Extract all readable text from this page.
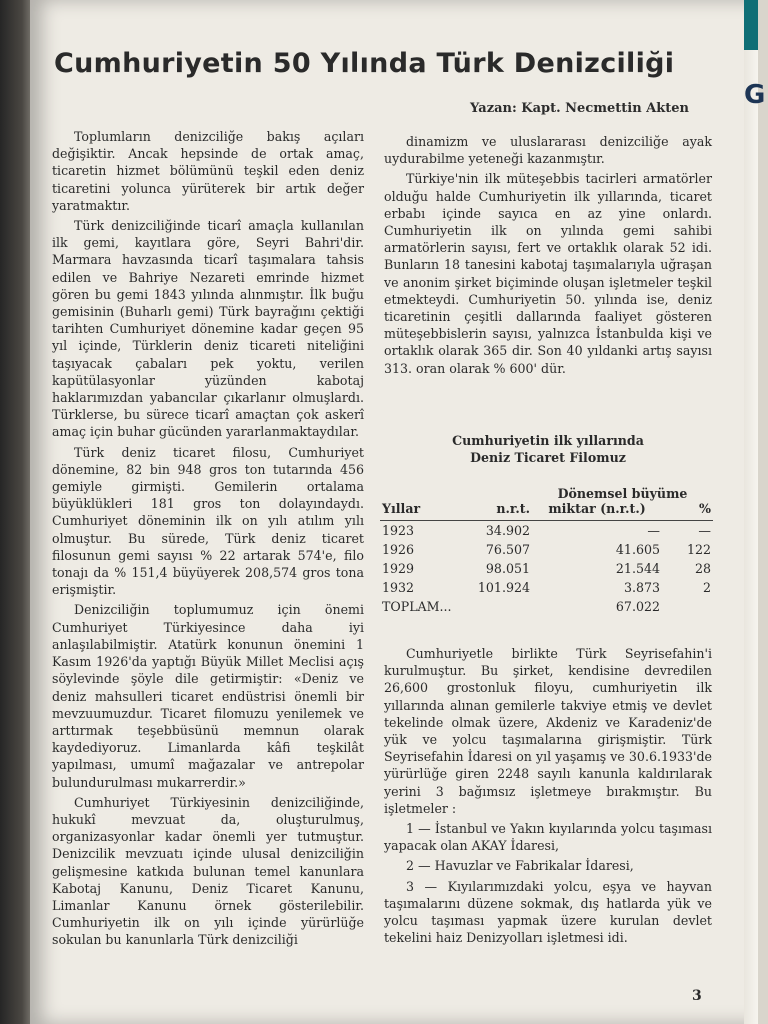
G
Cumhuriyetin 50 Yılında Türk Denizciliği
Yazan: Kapt. Necmettin Akten

Toplumların denizciliğe bakış açıları değişiktir. Ancak hepsinde de ortak amaç, ticaretin hizmet bölümünü teşkil eden deniz ticaretini yolunca yürüterek bir artık değer yaratmaktır.

Türk denizciliğinde ticarî amaçla kullanılan ilk gemi, kayıtlara göre, Seyri Bahri'dir. Marmara havzasında ticarî taşımalara tahsis edilen ve Bahriye Nezareti emrinde hizmet gören bu gemi 1843 yılında alınmıştır. İlk buğu gemisinin (Buharlı gemi) Türk bayrağını çektiği tarihten Cumhuriyet dönemine kadar geçen 95 yıl içinde, Türklerin deniz ticareti niteliğini taşıyacak çabaları pek yoktu, verilen kapütülasyonlar yüzünden kabotaj haklarımızdan yabancılar çıkarlanır olmuşlardı. Türklerse, bu sürece ticarî amaçtan çok askerî amaç için buhar gücünden yararlanmaktaydılar.

Türk deniz ticaret filosu, Cumhuriyet dönemine, 82 bin 948 gros ton tutarında 456 gemiyle girmişti. Gemilerin ortalama büyüklükleri 181 gros ton dolayındaydı. Cumhuriyet döneminin ilk on yılı atılım yılı olmuştur. Bu sürede, Türk deniz ticaret filosunun gemi sayısı % 22 artarak 574'e, filo tonajı da % 151,4 büyüyerek 208,574 gros tona erişmiştir.

Denizciliğin toplumumuz için önemi Cumhuriyet Türkiyesince daha iyi anlaşılabilmiştir. Atatürk konunun önemini 1 Kasım 1926'da yaptığı Büyük Millet Meclisi açış söylevinde şöyle dile getirmiştir: «Deniz ve deniz mahsulleri ticaret endüstrisi önemli bir mevzuumuzdur. Ticaret filomuzu yenilemek ve arttırmak teşebbüsünü memnun olarak kaydediyoruz. Limanlarda kâfi teşkilât yapılması, umumî mağazalar ve antrepolar bulundurulması mukarrerdir.»

Cumhuriyet Türkiyesinin denizciliğinde, hukukî mevzuat da, oluşturulmuş, organizasyonlar kadar önemli yer tutmuştur. Denizcilik mevzuatı içinde ulusal denizciliğin gelişmesine katkıda bulunan temel kanunlara Kabotaj Kanunu, Deniz Ticaret Kanunu, Limanlar Kanunu örnek gösterilebilir. Cumhuriyetin ilk on yılı içinde yürürlüğe sokulan bu kanunlarla Türk denizciliği

dinamizm ve uluslararası denizciliğe ayak uydurabilme yeteneği kazanmıştır.

Türkiye'nin ilk müteşebbis tacirleri armatörler olduğu halde Cumhuriyetin ilk yıllarında, ticaret erbabı içinde sayıca en az yine onlardı. Cumhuriyetin ilk on yılında gemi sahibi armatörlerin sayısı, fert ve ortaklık olarak 52 idi. Bunların 18 tanesini kabotaj taşımalarıyla uğraşan ve anonim şirket biçiminde oluşan işletmeler teşkil etmekteydi. Cumhuriyetin 50. yılında ise, deniz ticaretinin çeşitli dallarında faaliyet gösteren müteşebbislerin sayısı, yalnızca İstanbulda kişi ve ortaklık olarak 365 dir. Son 40 yıldanki artış sayısı 313. oran olarak % 600' dür.

Cumhuriyetin ilk yıllarında
Deniz Ticaret Filomuz
		Dönemsel büyüme	
Yıllar	n.r.t.	miktar (n.r.t.)	%
1923	34.902	—	—
1926	76.507	41.605	122
1929	98.051	21.544	28
1932	101.924	3.873	2
TOPLAM...		67.022	

Cumhuriyetle birlikte Türk Seyrisefahin'i kurulmuştur. Bu şirket, kendisine devredilen 26,600 grostonluk filoyu, cumhuriyetin ilk yıllarında alınan gemilerle takviye etmiş ve devlet tekelinde olmak üzere, Akdeniz ve Karadeniz'de yük ve yolcu taşımalarına girişmiştir. Türk Seyrisefahin İdaresi on yıl yaşamış ve 30.6.1933'de yürürlüğe giren 2248 sayılı kanunla kaldırılarak yerini 3 bağımsız işletmeye bırakmıştır. Bu işletmeler :

1 — İstanbul ve Yakın kıyılarında yolcu taşıması yapacak olan AKAY İdaresi,

2 — Havuzlar ve Fabrikalar İdaresi,

3 — Kıyılarımızdaki yolcu, eşya ve hayvan taşımalarını düzene sokmak, dış hatlarda yük ve yolcu taşıması yapmak üzere kurulan devlet tekelini haiz Denizyolları işletmesi idi.

3
